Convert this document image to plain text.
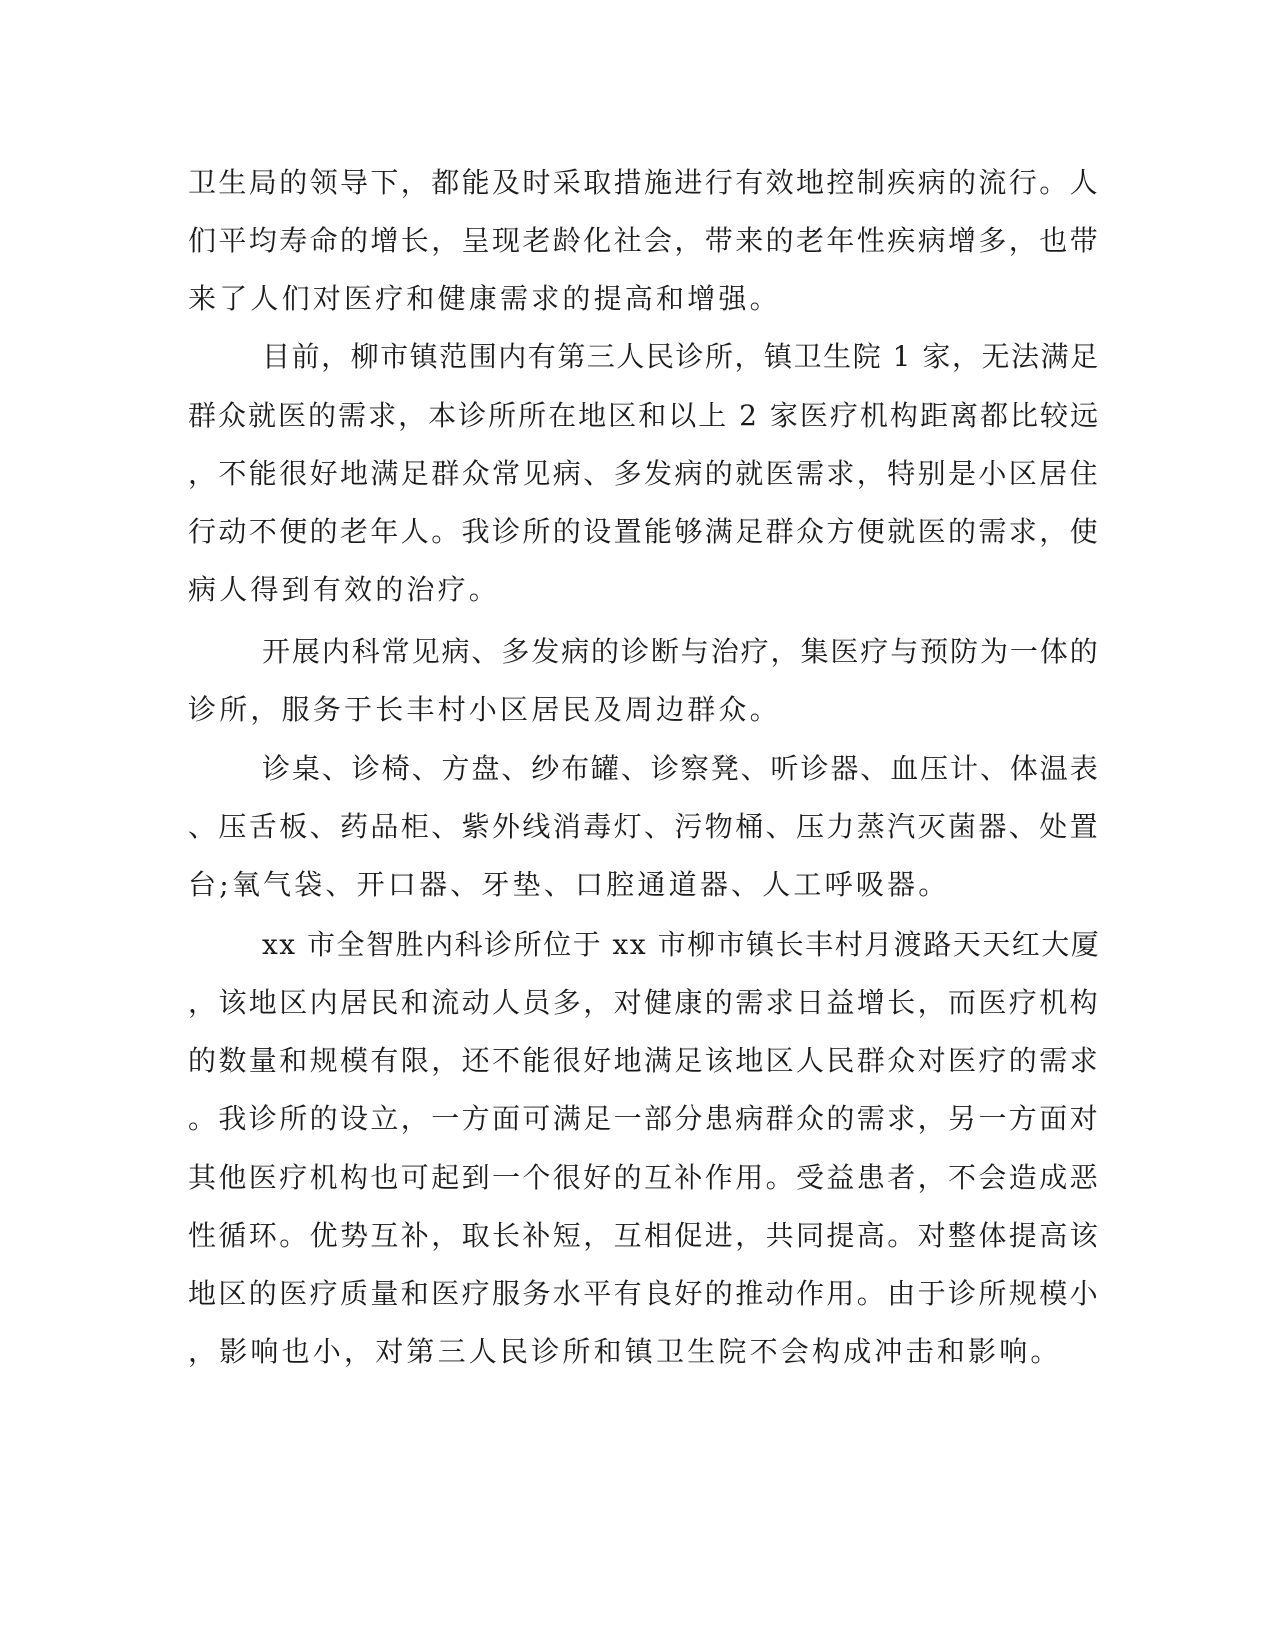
卫生局的领导下，都能及时采取措施进行有效地控制疾病的流行。人
们平均寿命的增长，呈现老龄化社会，带来的老年性疾病增多，也带
来了人们对医疗和健康需求的提高和增强。
目前，柳市镇范围内有第三人民诊所，镇卫生院 1 家，无法满足
群众就医的需求，本诊所所在地区和以上 2 家医疗机构距离都比较远
，不能很好地满足群众常见病、多发病的就医需求，特别是小区居住
行动不便的老年人。我诊所的设置能够满足群众方便就医的需求，使
病人得到有效的治疗。
开展内科常见病、多发病的诊断与治疗，集医疗与预防为一体的
诊所，服务于长丰村小区居民及周边群众。
诊桌、诊椅、方盘、纱布罐、诊察凳、听诊器、血压计、体温表
、压舌板、药品柜、紫外线消毒灯、污物桶、压力蒸汽灭菌器、处置
台;氧气袋、开口器、牙垫、口腔通道器、人工呼吸器。
xx 市全智胜内科诊所位于 xx 市柳市镇长丰村月渡路天天红大厦
，该地区内居民和流动人员多，对健康的需求日益增长，而医疗机构
的数量和规模有限，还不能很好地满足该地区人民群众对医疗的需求
。我诊所的设立，一方面可满足一部分患病群众的需求，另一方面对
其他医疗机构也可起到一个很好的互补作用。受益患者，不会造成恶
性循环。优势互补，取长补短，互相促进，共同提高。对整体提高该
地区的医疗质量和医疗服务水平有良好的推动作用。由于诊所规模小
，影响也小，对第三人民诊所和镇卫生院不会构成冲击和影响。
